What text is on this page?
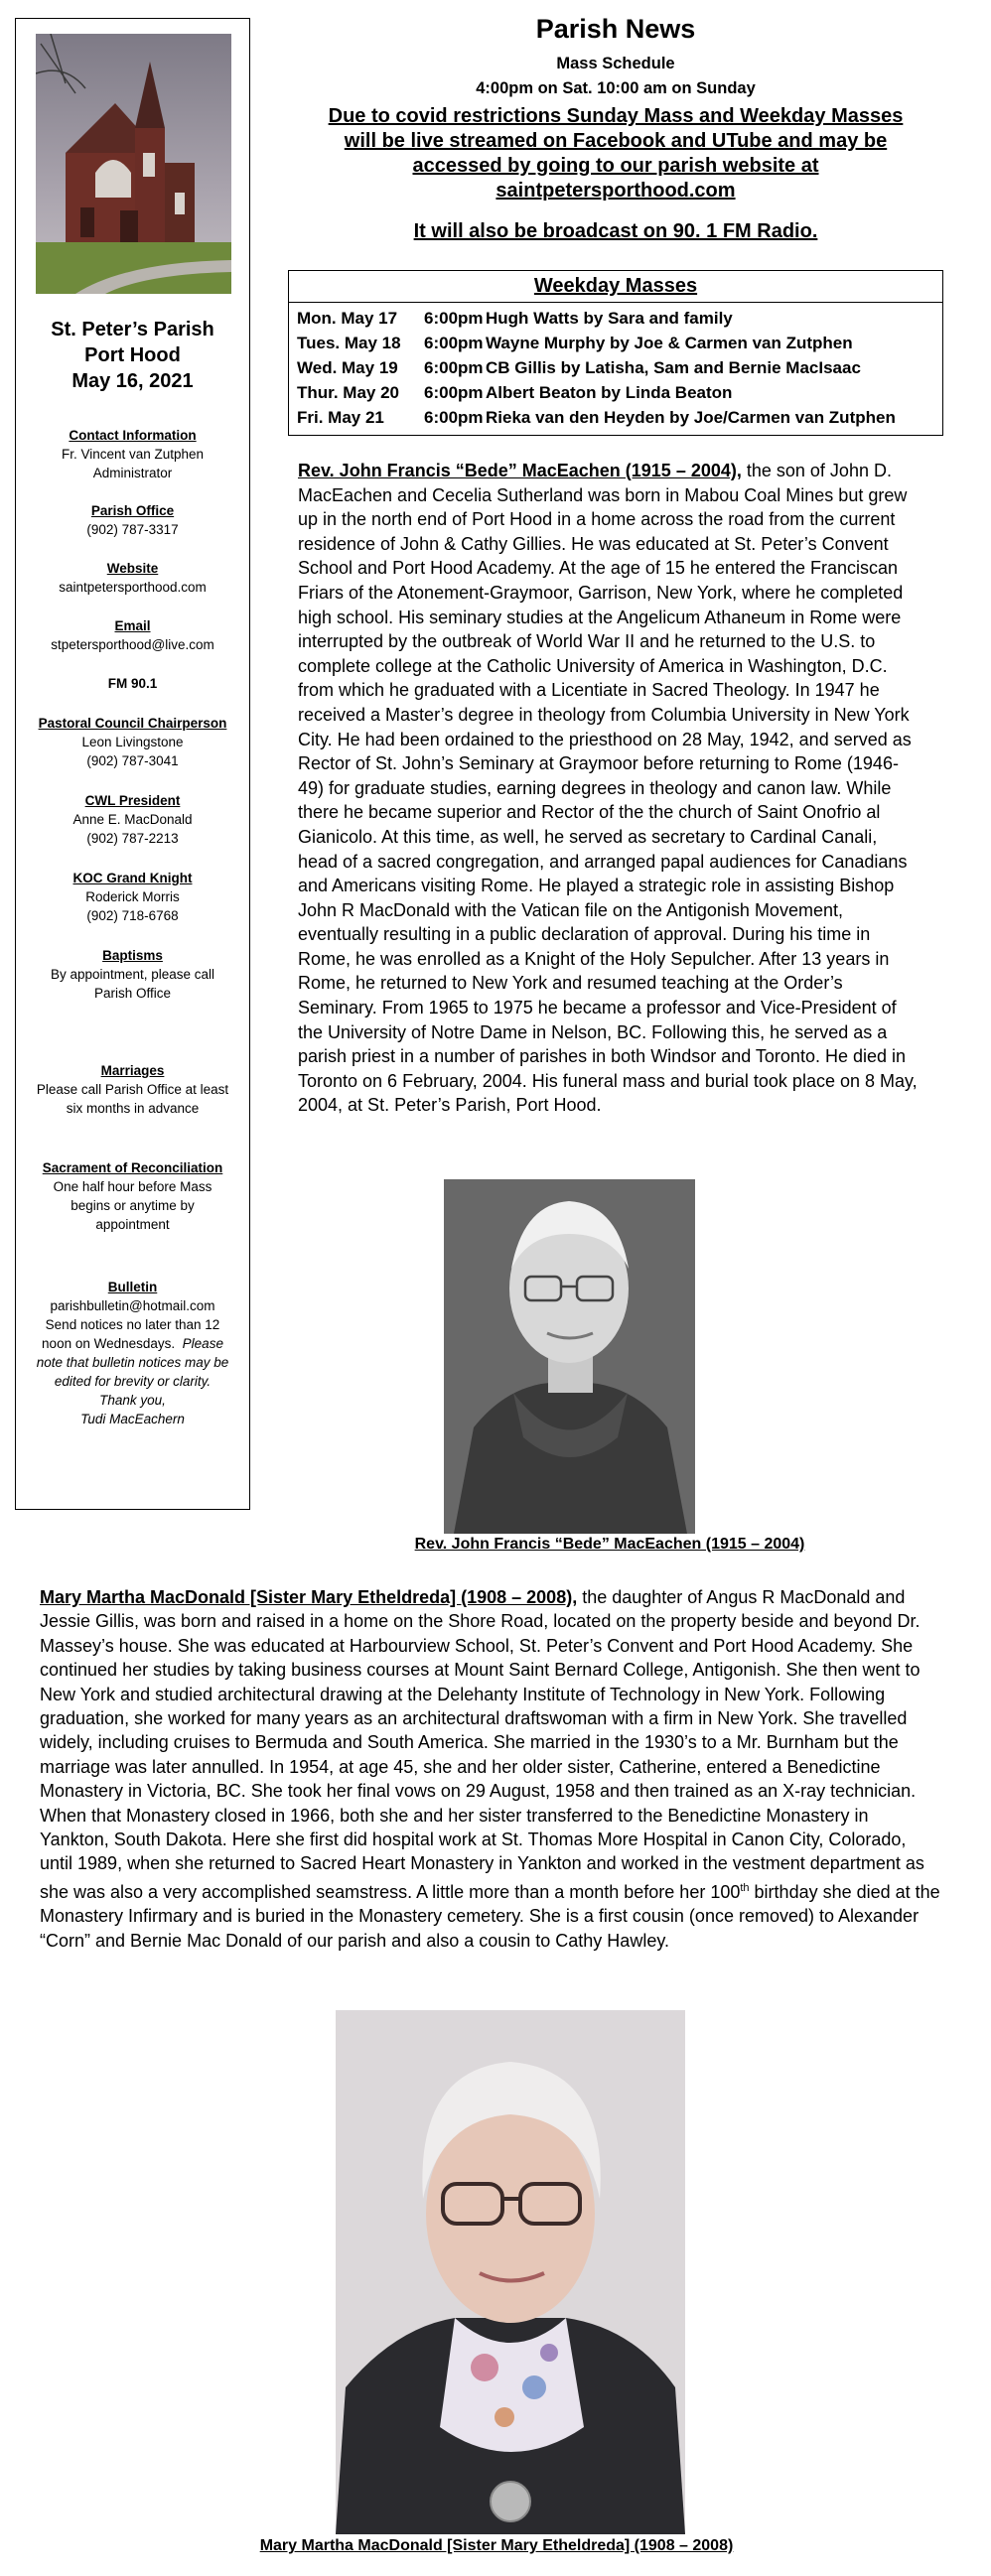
St. Peter’s Parish
Port Hood
May 16, 2021
Contact Information
Fr. Vincent van Zutphen
Administrator
Parish Office
(902) 787-3317
Website
saintpetersporthood.com
Email
stpetersporthood@live.com
FM 90.1
Pastoral Council Chairperson
Leon Livingstone
(902) 787-3041
CWL President
Anne E. MacDonald
(902) 787-2213
KOC Grand Knight
Roderick Morris
(902) 718-6768
Baptisms
By appointment, please call
Parish Office
Marriages
Please call Parish Office at least
six months in advance
Sacrament of Reconciliation
One half hour before Mass
begins or anytime by
appointment
Bulletin
parishbulletin@hotmail.com
Send notices no later than 12
noon on Wednesdays. Please
note that bulletin notices may be
edited for brevity or clarity.
Thank you,
Tudi MacEachern
Parish News
Mass Schedule
4:00pm on Sat. 10:00 am on Sunday
Due to covid restrictions Sunday Mass and Weekday Masses
will be live streamed on Facebook and UTube and may be
accessed by going to our parish website at
saintpetersporthood.com
It will also be broadcast on 90. 1 FM Radio.
Weekday Masses
Mon. May 17 6:00pm Hugh Watts by Sara and family
Tues. May 18 6:00pm Wayne Murphy by Joe & Carmen van Zutphen
Wed. May 19 6:00pm CB Gillis by Latisha, Sam and Bernie MacIsaac
Thur. May 20 6:00pm Albert Beaton by Linda Beaton
Fri. May 21 6:00pm Rieka van den Heyden by Joe/Carmen van Zutphen
Rev. John Francis “Bede” MacEachen (1915 – 2004), the son of John D. MacEachen and Cecelia Sutherland was born in Mabou Coal Mines but grew up in the north end of Port Hood in a home across the road from the current residence of John & Cathy Gillies. He was educated at St. Peter’s Convent School and Port Hood Academy. At the age of 15 he entered the Franciscan Friars of the Atonement-Graymoor, Garrison, New York, where he completed high school. His seminary studies at the Angelicum Athaneum in Rome were interrupted by the outbreak of World War II and he returned to the U.S. to complete college at the Catholic University of America in Washington, D.C. from which he graduated with a Licentiate in Sacred Theology. In 1947 he received a Master’s degree in theology from Columbia University in New York City. He had been ordained to the priesthood on 28 May, 1942, and served as Rector of St. John’s Seminary at Graymoor before returning to Rome (1946-49) for graduate studies, earning degrees in theology and canon law. While there he became superior and Rector of the the church of Saint Onofrio al Gianicolo. At this time, as well, he served as secretary to Cardinal Canali, head of a sacred congregation, and arranged papal audiences for Canadians and Americans visiting Rome. He played a strategic role in assisting Bishop John R MacDonald with the Vatican file on the Antigonish Movement, eventually resulting in a public declaration of approval. During his time in Rome, he was enrolled as a Knight of the Holy Sepulcher. After 13 years in Rome, he returned to New York and resumed teaching at the Order’s Seminary. From 1965 to 1975 he became a professor and Vice-President of the University of Notre Dame in Nelson, BC. Following this, he served as a parish priest in a number of parishes in both Windsor and Toronto. He died in Toronto on 6 February, 2004. His funeral mass and burial took place on 8 May, 2004, at St. Peter’s Parish, Port Hood.
Rev. John Francis “Bede” MacEachen (1915 – 2004)
Mary Martha MacDonald [Sister Mary Etheldreda] (1908 – 2008), the daughter of Angus R MacDonald and Jessie Gillis, was born and raised in a home on the Shore Road, located on the property beside and beyond Dr. Massey’s house. She was educated at Harbourview School, St. Peter’s Convent and Port Hood Academy. She continued her studies by taking business courses at Mount Saint Bernard College, Antigonish. She then went to New York and studied architectural drawing at the Delehanty Institute of Technology in New York. Following graduation, she worked for many years as an architectural draftswoman with a firm in New York. She travelled widely, including cruises to Bermuda and South America. She married in the 1930’s to a Mr. Burnham but the marriage was later annulled. In 1954, at age 45, she and her older sister, Catherine, entered a Benedictine Monastery in Victoria, BC. She took her final vows on 29 August, 1958 and then trained as an X-ray technician. When that Monastery closed in 1966, both she and her sister transferred to the Benedictine Monastery in Yankton, South Dakota. Here she first did hospital work at St. Thomas More Hospital in Canon City, Colorado, until 1989, when she returned to Sacred Heart Monastery in Yankton and worked in the vestment department as she was also a very accomplished seamstress. A little more than a month before her 100th birthday she died at the Monastery Infirmary and is buried in the Monastery cemetery. She is a first cousin (once removed) to Alexander “Corn” and Bernie Mac Donald of our parish and also a cousin to Cathy Hawley.
Mary Martha MacDonald [Sister Mary Etheldreda] (1908 – 2008)
